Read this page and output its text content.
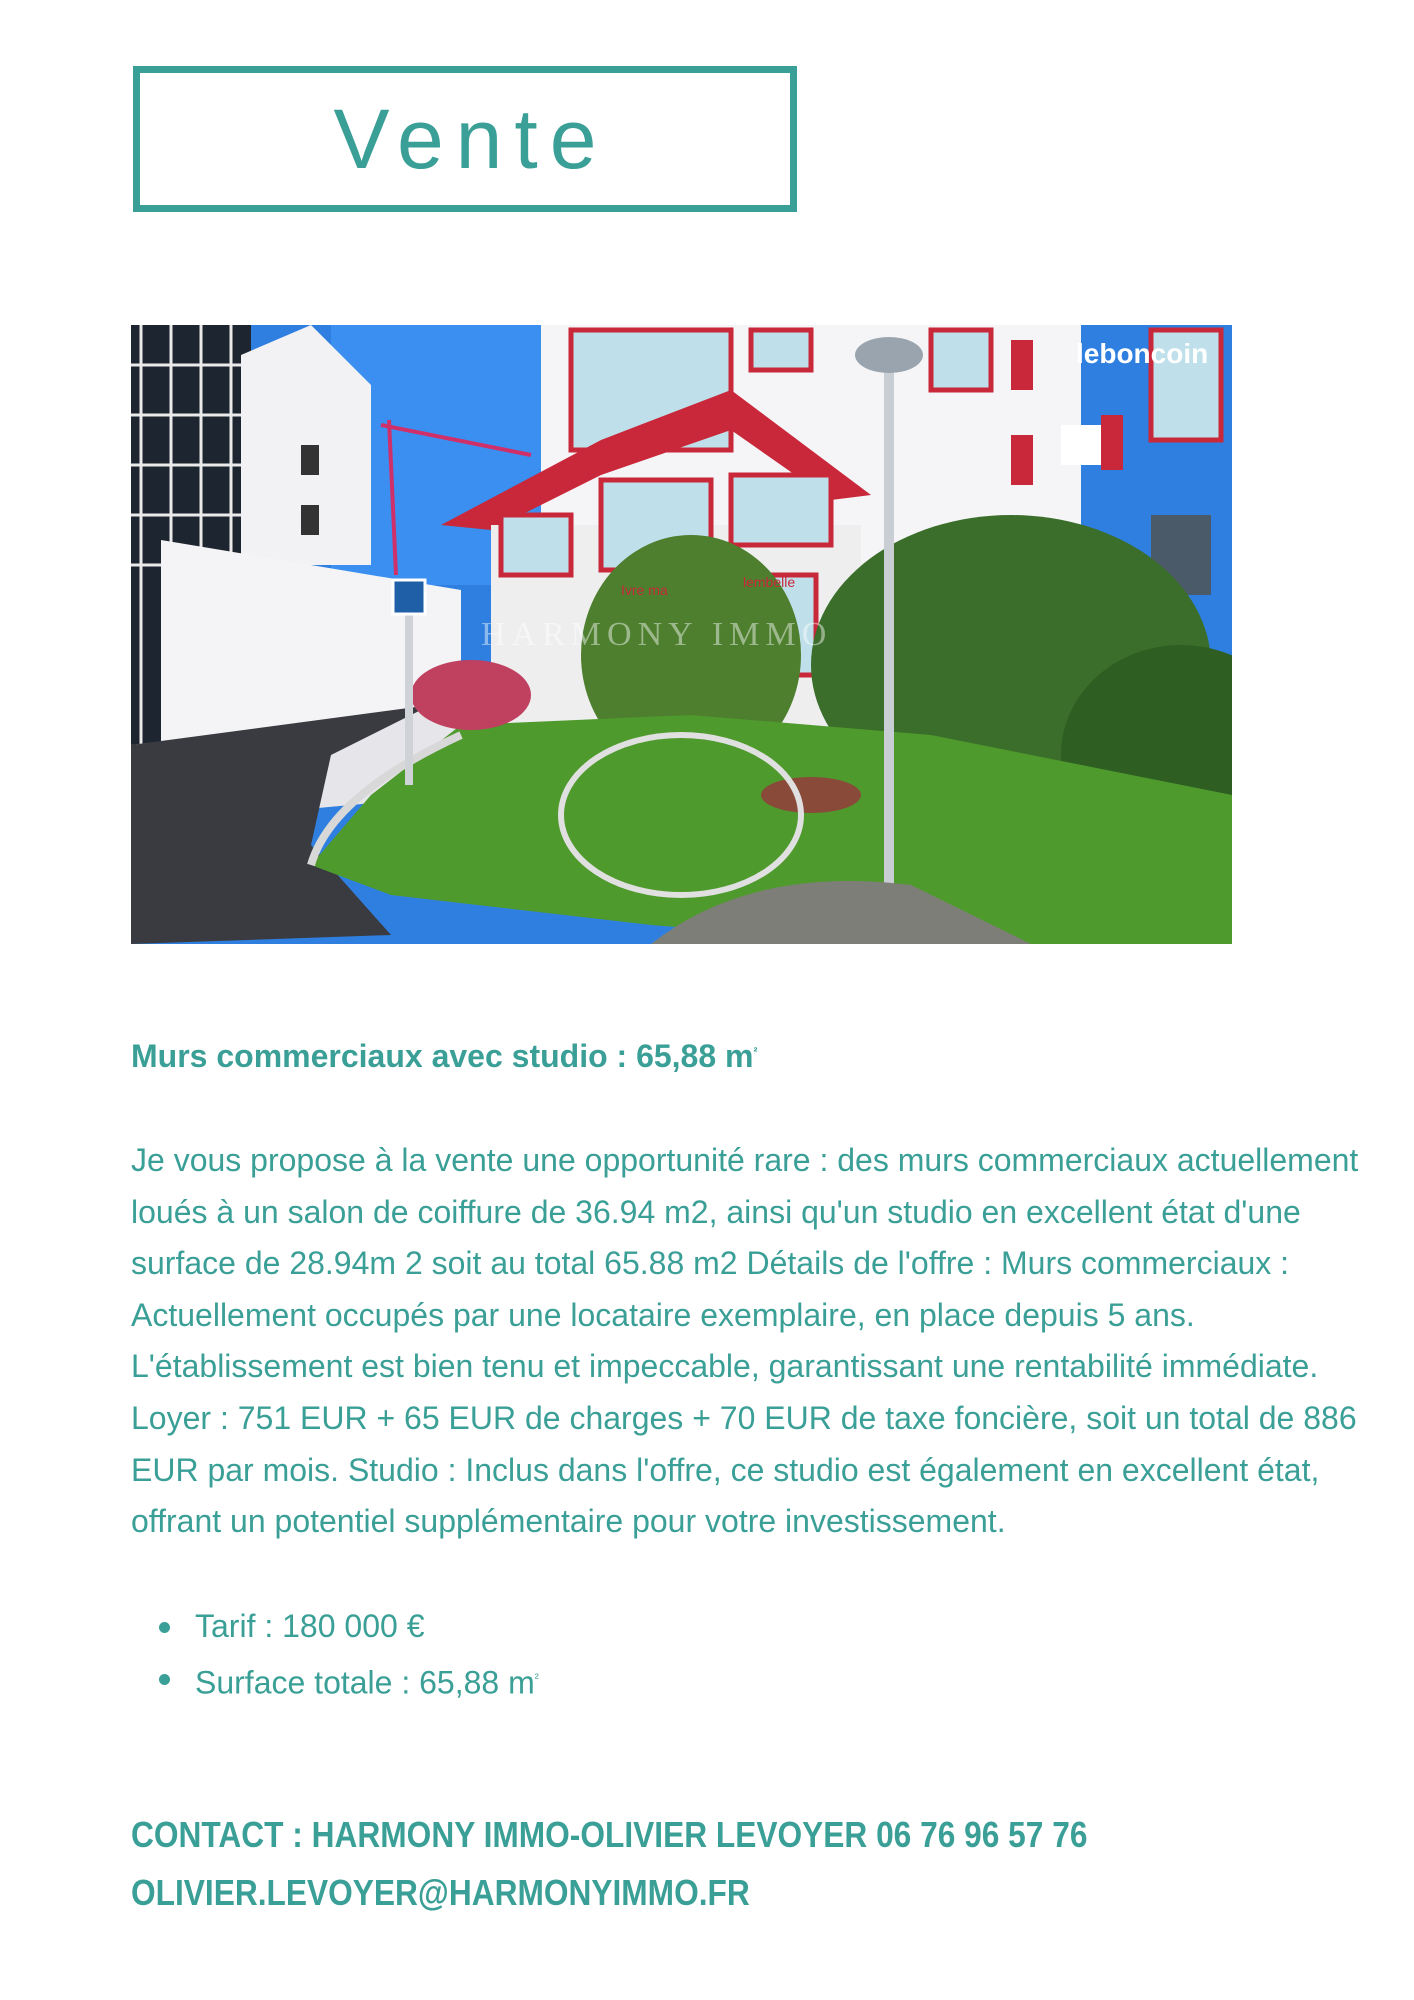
Vente
leboncoin
HARMONY IMMO
Ivre ma	lembelle
Murs commerciaux avec studio : 65,88 $m^{^2}$

Je vous propose à la vente une opportunité rare : des murs commerciaux actuellement loués à un salon de coiffure de 36.94 m2, ainsi qu'un studio en excellent état d'une surface de 28.94m 2 soit au total 65.88 m2 Détails de l'offre : Murs commerciaux : Actuellement occupés par une locataire exemplaire, en place depuis 5 ans. L'établissement est bien tenu et impeccable, garantissant une rentabilité immédiate. Loyer : 751 EUR + 65 EUR de charges + 70 EUR de taxe foncière, soit un total de 886 EUR par mois. Studio : Inclus dans l'offre, ce studio est également en excellent état, offrant un potentiel supplémentaire pour votre investissement.

Tarif : 180 000 €
Surface totale : 65,88 $m^{^2}$
CONTACT : HARMONY IMMO-OLIVIER LEVOYER 06 76 96 57 76
OLIVIER.LEVOYER@HARMONYIMMO.FR
